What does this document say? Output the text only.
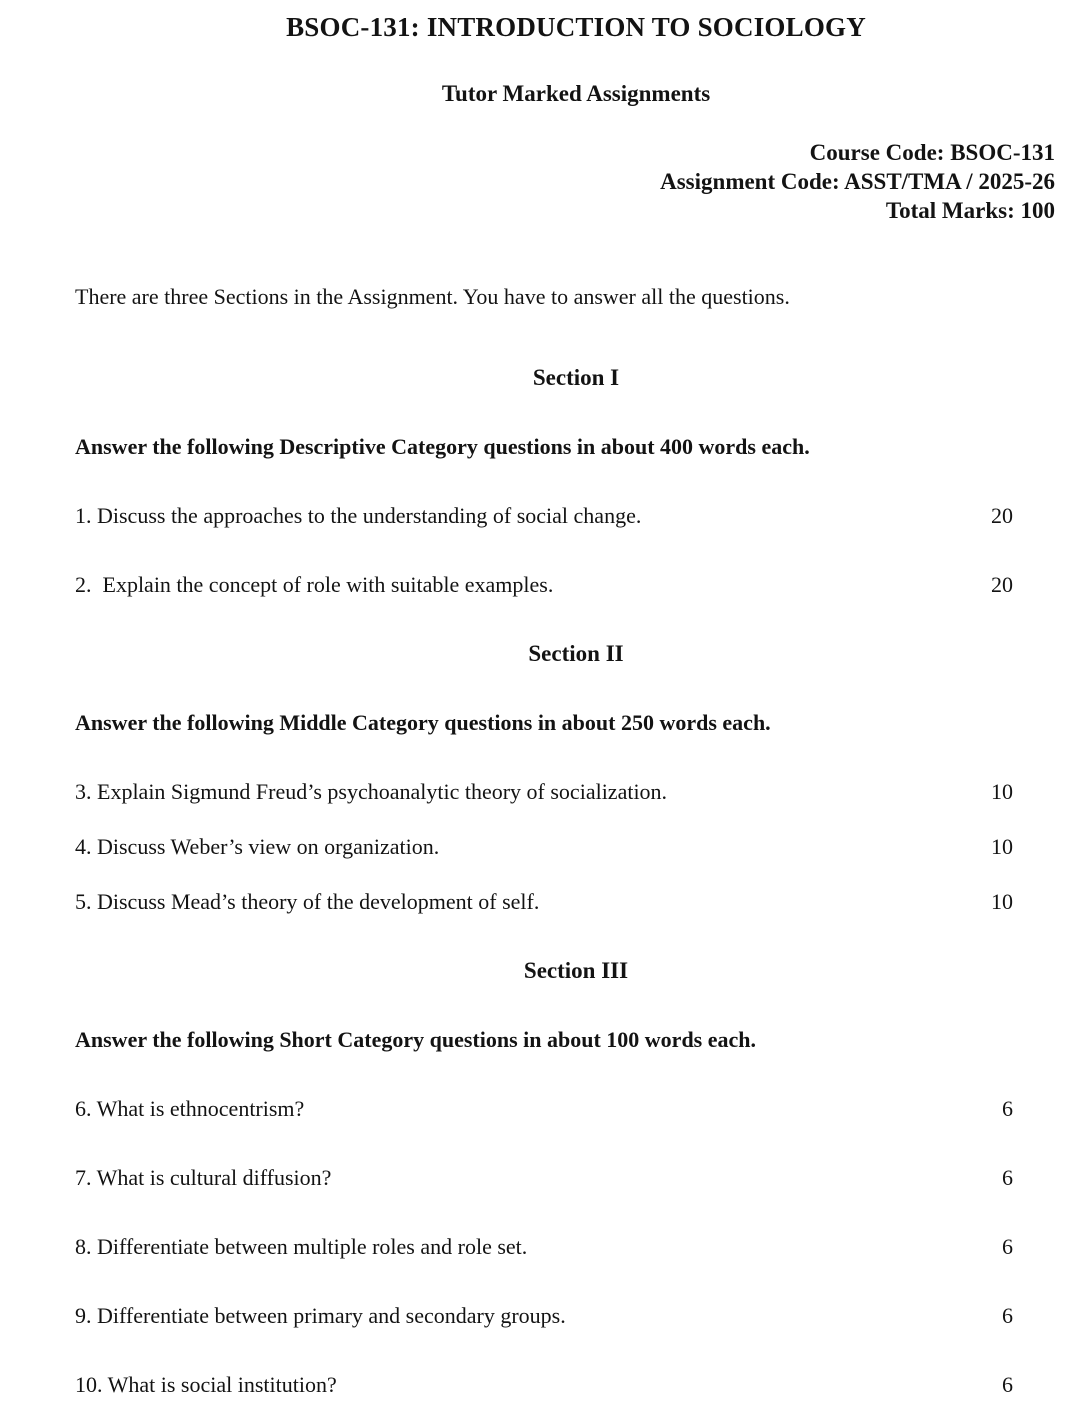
BSOC-131: INTRODUCTION TO SOCIOLOGY
Tutor Marked Assignments
Course Code: BSOC-131
Assignment Code: ASST/TMA / 2025-26
Total Marks: 100

There are three Sections in the Assignment. You have to answer all the questions.

Section I

Answer the following Descriptive Category questions in about 400 words each.

1. Discuss the approaches to the understanding of social change.	20
2.  Explain the concept of role with suitable examples.	20
Section II

Answer the following Middle Category questions in about 250 words each.

3. Explain Sigmund Freud’s psychoanalytic theory of socialization.	10
4. Discuss Weber’s view on organization.	10
5. Discuss Mead’s theory of the development of self.	10
Section III

Answer the following Short Category questions in about 100 words each.

6. What is ethnocentrism?	6
7. What is cultural diffusion?	6
8. Differentiate between multiple roles and role set.	6
9. Differentiate between primary and secondary groups.	6
10. What is social institution?	6
